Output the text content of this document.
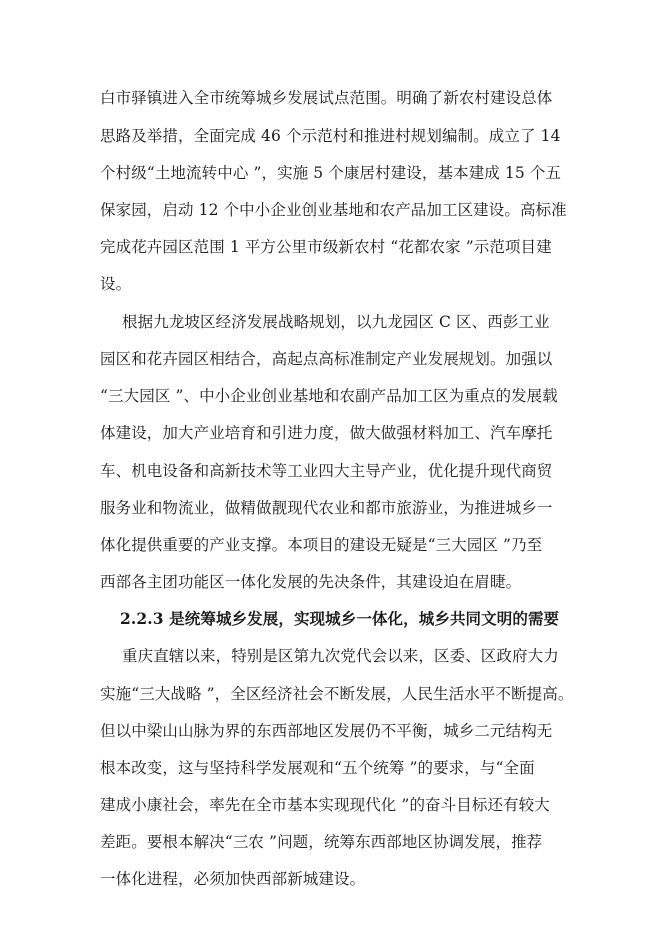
白市驿镇进入全市统筹城乡发展试点范围。明确了新农村建设总体
思路及举措，全面完成 46 个示范村和推进村规划编制。成立了 14
个村级“土地流转中心 ”，实施 5 个康居村建设，基本建成 15 个五
保家园，启动 12 个中小企业创业基地和农产品加工区建设。高标准
完成花卉园区范围 1 平方公里市级新农村 “花都农家 ”示范项目建
设。
根据九龙坡区经济发展战略规划，以九龙园区 C 区、西彭工业
园区和花卉园区相结合，高起点高标准制定产业发展规划。加强以
“三大园区 ”、中小企业创业基地和农副产品加工区为重点的发展载
体建设，加大产业培育和引进力度，做大做强材料加工、汽车摩托
车、机电设备和高新技术等工业四大主导产业，优化提升现代商贸
服务业和物流业，做精做靓现代农业和都市旅游业，为推进城乡一
体化提供重要的产业支撑。本项目的建设无疑是“三大园区 ”乃至
西部各主团功能区一体化发展的先决条件，其建设迫在眉睫。
2.2.3 是统筹城乡发展，实现城乡一体化，城乡共同文明的需要
重庆直辖以来，特别是区第九次党代会以来，区委、区政府大力
实施“三大战略 ”，全区经济社会不断发展，人民生活水平不断提高。
但以中梁山山脉为界的东西部地区发展仍不平衡，城乡二元结构无
根本改变，这与坚持科学发展观和“五个统筹 ”的要求，与“全面
建成小康社会，率先在全市基本实现现代化 ”的奋斗目标还有较大
差距。要根本解决“三农 ”问题，统筹东西部地区协调发展，推荐
一体化进程，必须加快西部新城建设。
